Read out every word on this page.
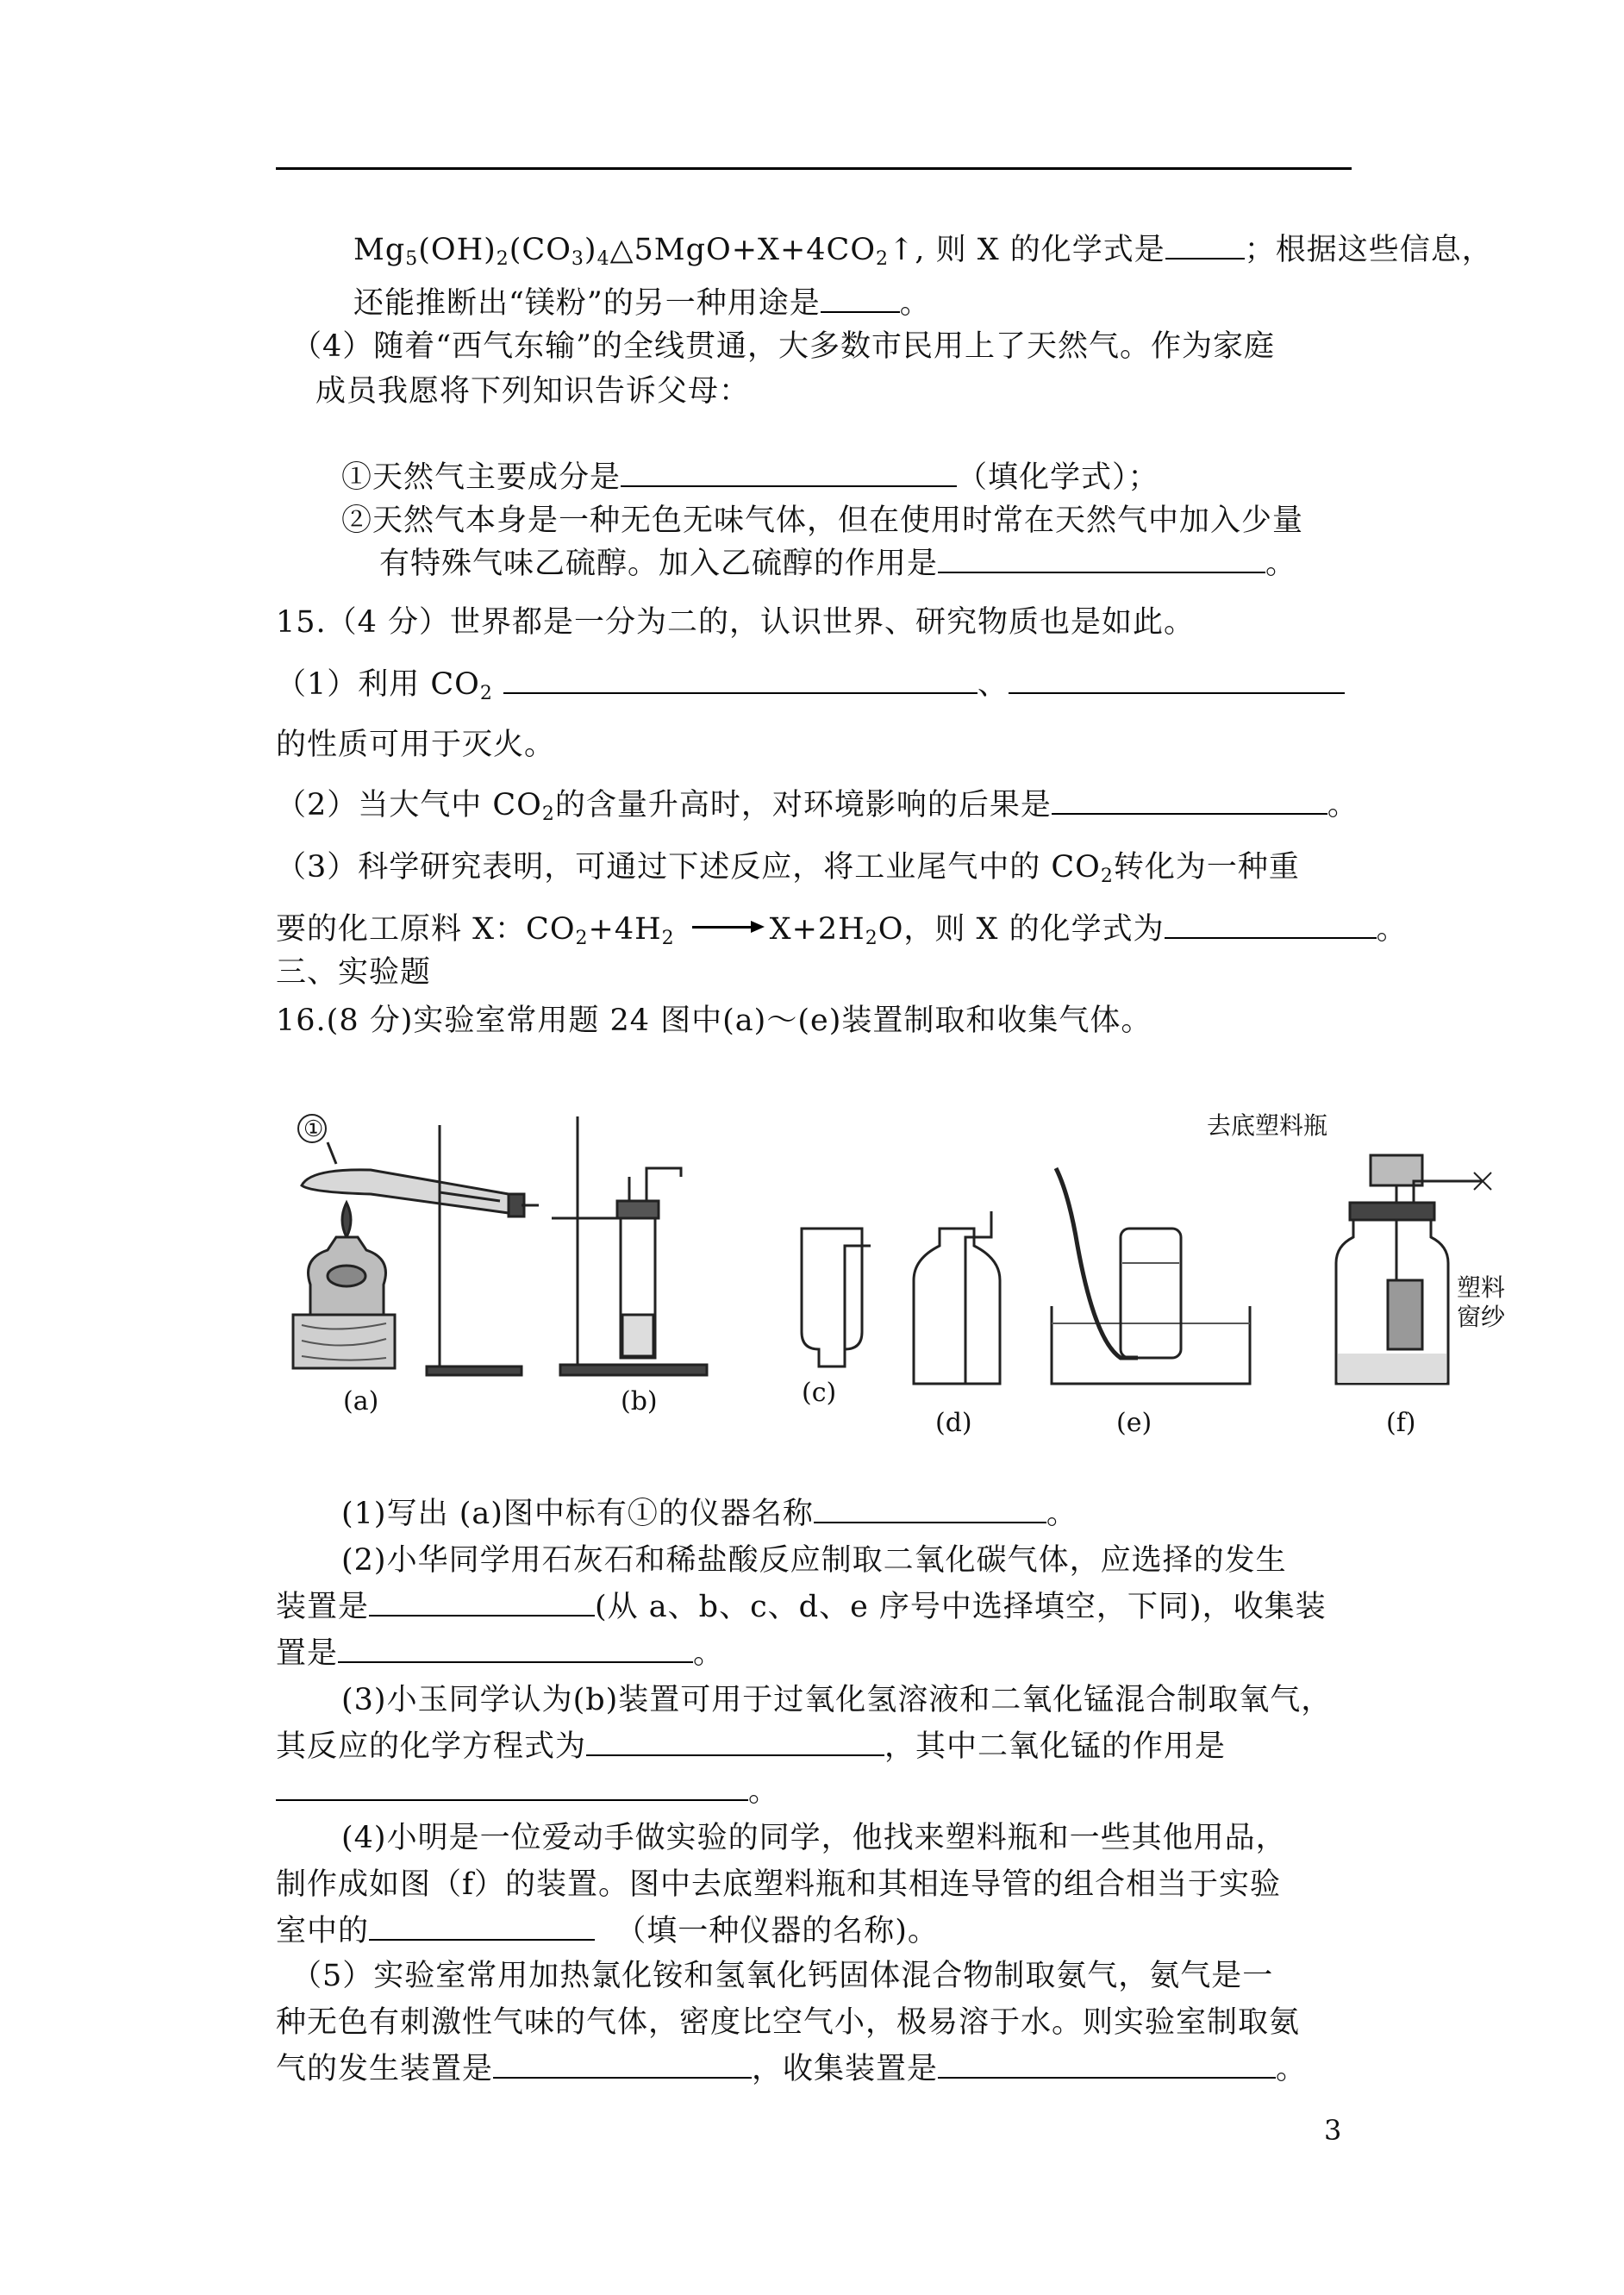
$Mg_5(OH)_2(CO_3)_4\triangle 5MgO+X+4CO_2↑$, 则 X 的化学式是	；根据这些信息，
还能推断出“镁粉”的另一种用途是	。
（4）随着“西气东输”的全线贯通，大多数市民用上了天然气。作为家庭
成员我愿将下列知识告诉父母：
①天然气主要成分是	（填化学式）；
②天然气本身是一种无色无味气体，但在使用时常在天然气中加入少量
有特殊气味乙硫醇。加入乙硫醇的作用是	。
15.（4 分）世界都是一分为二的，认识世界、研究物质也是如此。
（1）利用 $CO_2$	、
的性质可用于灭火。
（2）当大气中 $CO_2$的含量升高时，对环境影响的后果是	。
（3）科学研究表明，可通过下述反应，将工业尾气中的 $CO_2$转化为一种重
要的化工原料 X：$CO_2+4H_2$	$X+2H_2O$，则 X 的化学式为	。
三、实验题
16.(8 分)实验室常用题 24 图中(a)～(e)装置制取和收集气体。
①
(a)	(b)	(c)
(d)	(e)
去底塑料瓶
塑料
窗纱
(f)
(1)写出 (a)图中标有①的仪器名称	。
(2)小华同学用石灰石和稀盐酸反应制取二氧化碳气体，应选择的发生
装置是	(从 a、b、c、d、e 序号中选择填空，下同)，收集装
置是	。
(3)小玉同学认为(b)装置可用于过氧化氢溶液和二氧化锰混合制取氧气，
其反应的化学方程式为	，其中二氧化锰的作用是
。
(4)小明是一位爱动手做实验的同学，他找来塑料瓶和一些其他用品，
制作成如图（f）的装置。图中去底塑料瓶和其相连导管的组合相当于实验
室中的	（填一种仪器的名称)。
（5）实验室常用加热氯化铵和氢氧化钙固体混合物制取氨气，氨气是一
种无色有刺激性气味的气体，密度比空气小，极易溶于水。则实验室制取氨
气的发生装置是	，收集装置是	。
3
